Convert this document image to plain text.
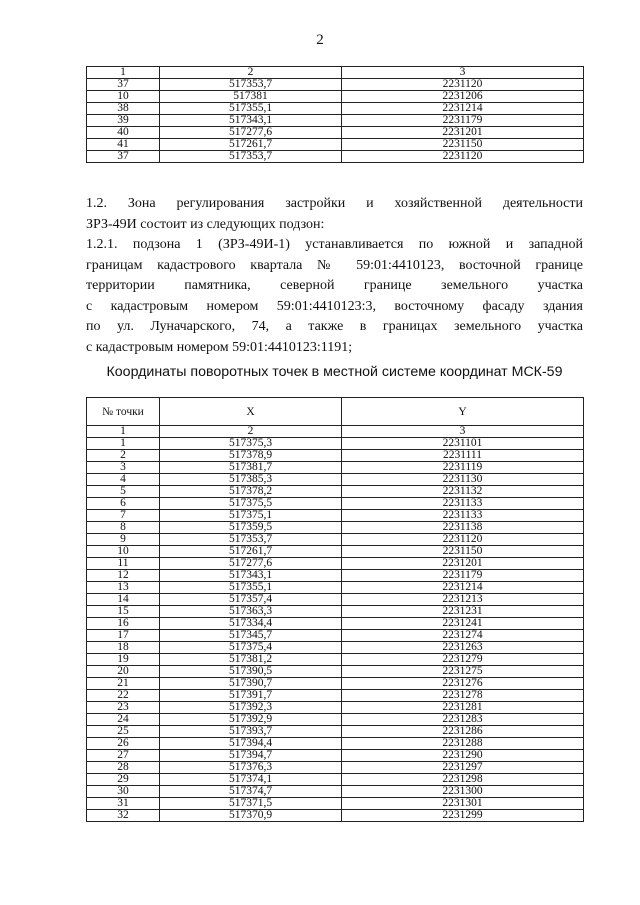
2
1	2	3
37	517353,7	2231120
10	517381	2231206
38	517355,1	2231214
39	517343,1	2231179
40	517277,6	2231201
41	517261,7	2231150
37	517353,7	2231120
1.2. Зона регулирования застройки и хозяйственной деятельности
ЗРЗ-49И состоит из следующих подзон:
1.2.1. подзона 1 (ЗРЗ-49И-1) устанавливается по южной и западной
границам кадастрового квартала № 59:01:4410123, восточной границе
территории памятника, северной границе земельного участка
с кадастровым номером 59:01:4410123:3, восточному фасаду здания
по ул. Луначарского, 74, а также в границах земельного участка
с кадастровым номером 59:01:4410123:1191;
Координаты поворотных точек в местной системе координат МСК-59
№ точки	X	Y
1	2	3
1	517375,3	2231101
2	517378,9	2231111
3	517381,7	2231119
4	517385,3	2231130
5	517378,2	2231132
6	517375,5	2231133
7	517375,1	2231133
8	517359,5	2231138
9	517353,7	2231120
10	517261,7	2231150
11	517277,6	2231201
12	517343,1	2231179
13	517355,1	2231214
14	517357,4	2231213
15	517363,3	2231231
16	517334,4	2231241
17	517345,7	2231274
18	517375,4	2231263
19	517381,2	2231279
20	517390,5	2231275
21	517390,7	2231276
22	517391,7	2231278
23	517392,3	2231281
24	517392,9	2231283
25	517393,7	2231286
26	517394,4	2231288
27	517394,7	2231290
28	517376,3	2231297
29	517374,1	2231298
30	517374,7	2231300
31	517371,5	2231301
32	517370,9	2231299
